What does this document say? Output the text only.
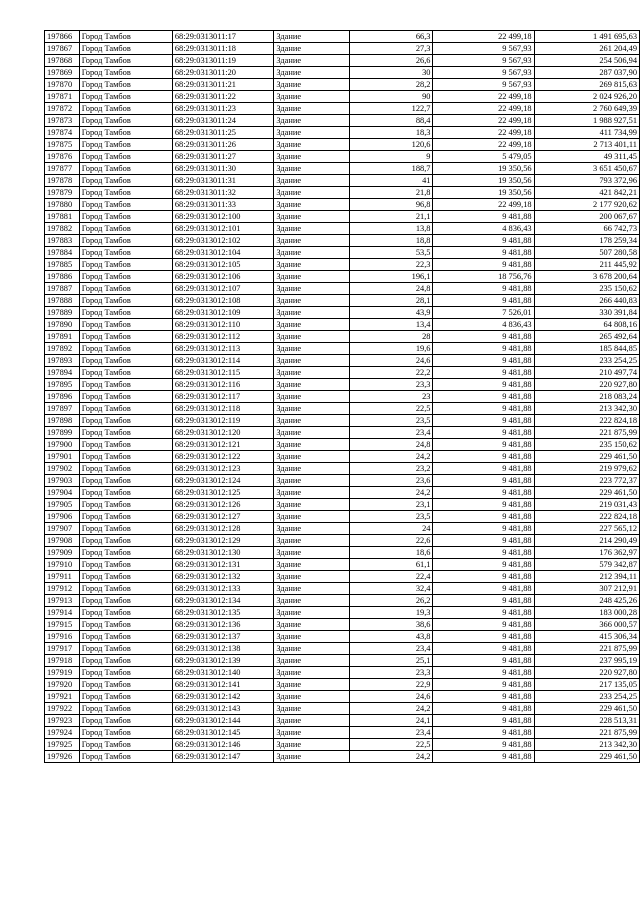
197866	Город Тамбов	68:29:0313011:17	Здание	66,3	22 499,18	1 491 695,63
197867	Город Тамбов	68:29:0313011:18	Здание	27,3	9 567,93	261 204,49
197868	Город Тамбов	68:29:0313011:19	Здание	26,6	9 567,93	254 506,94
197869	Город Тамбов	68:29:0313011:20	Здание	30	9 567,93	287 037,90
197870	Город Тамбов	68:29:0313011:21	Здание	28,2	9 567,93	269 815,63
197871	Город Тамбов	68:29:0313011:22	Здание	90	22 499,18	2 024 926,20
197872	Город Тамбов	68:29:0313011:23	Здание	122,7	22 499,18	2 760 649,39
197873	Город Тамбов	68:29:0313011:24	Здание	88,4	22 499,18	1 988 927,51
197874	Город Тамбов	68:29:0313011:25	Здание	18,3	22 499,18	411 734,99
197875	Город Тамбов	68:29:0313011:26	Здание	120,6	22 499,18	2 713 401,11
197876	Город Тамбов	68:29:0313011:27	Здание	9	5 479,05	49 311,45
197877	Город Тамбов	68:29:0313011:30	Здание	188,7	19 350,56	3 651 450,67
197878	Город Тамбов	68:29:0313011:31	Здание	41	19 350,56	793 372,96
197879	Город Тамбов	68:29:0313011:32	Здание	21,8	19 350,56	421 842,21
197880	Город Тамбов	68:29:0313011:33	Здание	96,8	22 499,18	2 177 920,62
197881	Город Тамбов	68:29:0313012:100	Здание	21,1	9 481,88	200 067,67
197882	Город Тамбов	68:29:0313012:101	Здание	13,8	4 836,43	66 742,73
197883	Город Тамбов	68:29:0313012:102	Здание	18,8	9 481,88	178 259,34
197884	Город Тамбов	68:29:0313012:104	Здание	53,5	9 481,88	507 280,58
197885	Город Тамбов	68:29:0313012:105	Здание	22,3	9 481,88	211 445,92
197886	Город Тамбов	68:29:0313012:106	Здание	196,1	18 756,76	3 678 200,64
197887	Город Тамбов	68:29:0313012:107	Здание	24,8	9 481,88	235 150,62
197888	Город Тамбов	68:29:0313012:108	Здание	28,1	9 481,88	266 440,83
197889	Город Тамбов	68:29:0313012:109	Здание	43,9	7 526,01	330 391,84
197890	Город Тамбов	68:29:0313012:110	Здание	13,4	4 836,43	64 808,16
197891	Город Тамбов	68:29:0313012:112	Здание	28	9 481,88	265 492,64
197892	Город Тамбов	68:29:0313012:113	Здание	19,6	9 481,88	185 844,85
197893	Город Тамбов	68:29:0313012:114	Здание	24,6	9 481,88	233 254,25
197894	Город Тамбов	68:29:0313012:115	Здание	22,2	9 481,88	210 497,74
197895	Город Тамбов	68:29:0313012:116	Здание	23,3	9 481,88	220 927,80
197896	Город Тамбов	68:29:0313012:117	Здание	23	9 481,88	218 083,24
197897	Город Тамбов	68:29:0313012:118	Здание	22,5	9 481,88	213 342,30
197898	Город Тамбов	68:29:0313012:119	Здание	23,5	9 481,88	222 824,18
197899	Город Тамбов	68:29:0313012:120	Здание	23,4	9 481,88	221 875,99
197900	Город Тамбов	68:29:0313012:121	Здание	24,8	9 481,88	235 150,62
197901	Город Тамбов	68:29:0313012:122	Здание	24,2	9 481,88	229 461,50
197902	Город Тамбов	68:29:0313012:123	Здание	23,2	9 481,88	219 979,62
197903	Город Тамбов	68:29:0313012:124	Здание	23,6	9 481,88	223 772,37
197904	Город Тамбов	68:29:0313012:125	Здание	24,2	9 481,88	229 461,50
197905	Город Тамбов	68:29:0313012:126	Здание	23,1	9 481,88	219 031,43
197906	Город Тамбов	68:29:0313012:127	Здание	23,5	9 481,88	222 824,18
197907	Город Тамбов	68:29:0313012:128	Здание	24	9 481,88	227 565,12
197908	Город Тамбов	68:29:0313012:129	Здание	22,6	9 481,88	214 290,49
197909	Город Тамбов	68:29:0313012:130	Здание	18,6	9 481,88	176 362,97
197910	Город Тамбов	68:29:0313012:131	Здание	61,1	9 481,88	579 342,87
197911	Город Тамбов	68:29:0313012:132	Здание	22,4	9 481,88	212 394,11
197912	Город Тамбов	68:29:0313012:133	Здание	32,4	9 481,88	307 212,91
197913	Город Тамбов	68:29:0313012:134	Здание	26,2	9 481,88	248 425,26
197914	Город Тамбов	68:29:0313012:135	Здание	19,3	9 481,88	183 000,28
197915	Город Тамбов	68:29:0313012:136	Здание	38,6	9 481,88	366 000,57
197916	Город Тамбов	68:29:0313012:137	Здание	43,8	9 481,88	415 306,34
197917	Город Тамбов	68:29:0313012:138	Здание	23,4	9 481,88	221 875,99
197918	Город Тамбов	68:29:0313012:139	Здание	25,1	9 481,88	237 995,19
197919	Город Тамбов	68:29:0313012:140	Здание	23,3	9 481,88	220 927,80
197920	Город Тамбов	68:29:0313012:141	Здание	22,9	9 481,88	217 135,05
197921	Город Тамбов	68:29:0313012:142	Здание	24,6	9 481,88	233 254,25
197922	Город Тамбов	68:29:0313012:143	Здание	24,2	9 481,88	229 461,50
197923	Город Тамбов	68:29:0313012:144	Здание	24,1	9 481,88	228 513,31
197924	Город Тамбов	68:29:0313012:145	Здание	23,4	9 481,88	221 875,99
197925	Город Тамбов	68:29:0313012:146	Здание	22,5	9 481,88	213 342,30
197926	Город Тамбов	68:29:0313012:147	Здание	24,2	9 481,88	229 461,50
